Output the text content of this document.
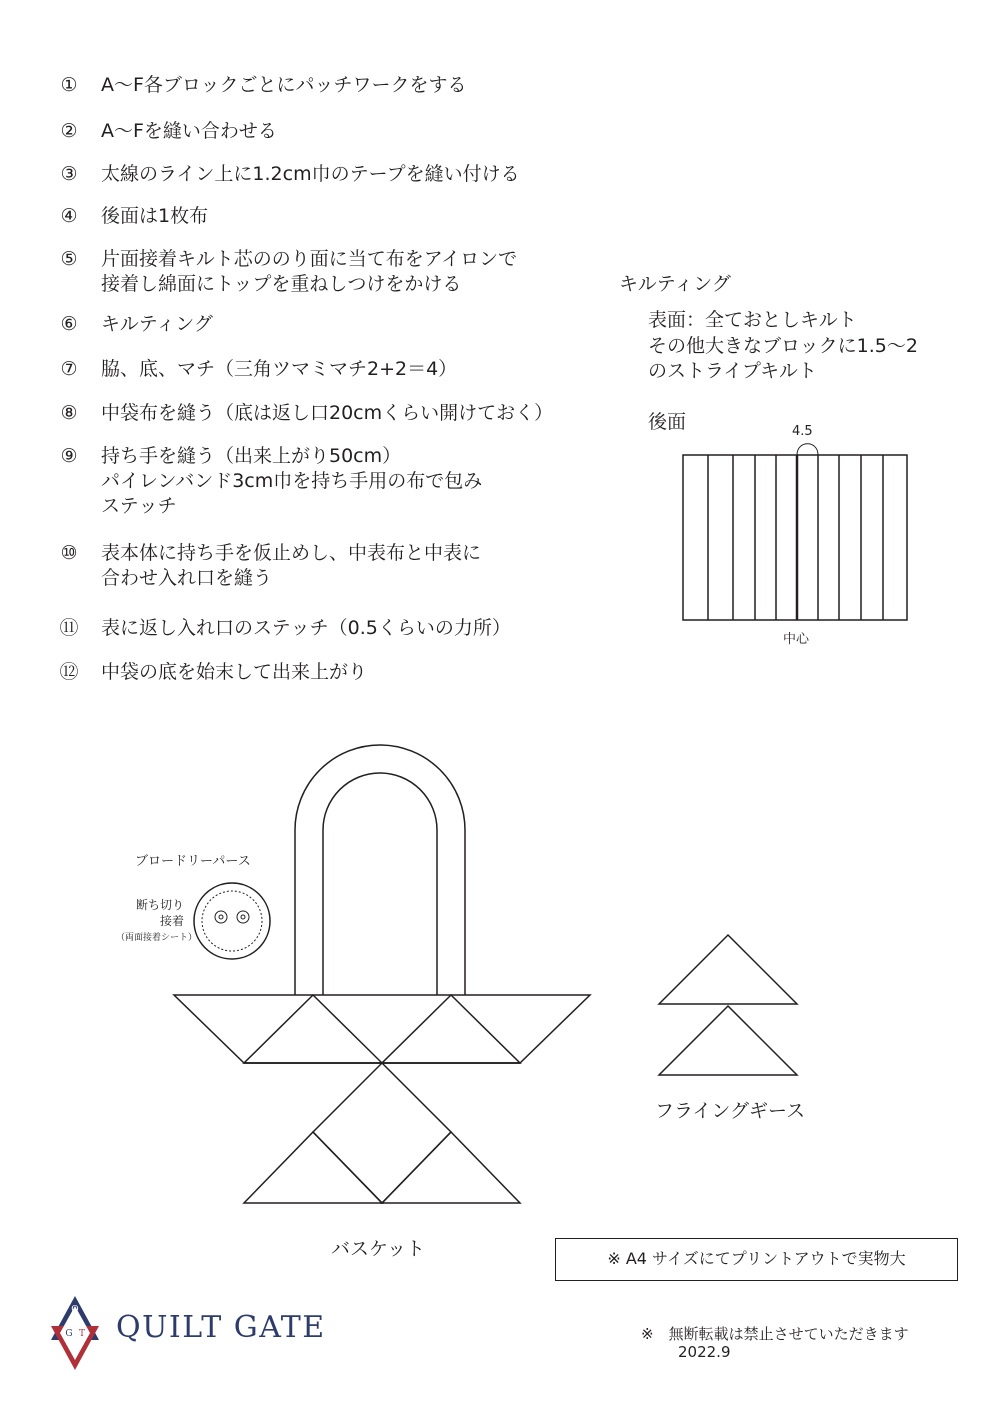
① A～F各ブロックごとにパッチワークをする
② A～Fを縫い合わせる
③ 太線のライン上に1.2cm巾のテープを縫い付ける
④ 後面は1枚布
⑤ 片面接着キルト芯ののり面に当て布をアイロンで
接着し綿面にトップを重ねしつけをかける
⑥ キルティング
⑦ 脇、底、マチ（三角ツマミマチ2+2＝4）
⑧ 中袋布を縫う（底は返し口20cmくらい開けておく）
⑨ 持ち手を縫う（出来上がり50cm）
パイレンバンド3cm巾を持ち手用の布で包み
ステッチ
⑩ 表本体に持ち手を仮止めし、中表布と中表に
合わせ入れ口を縫う
⑪ 表に返し入れ口のステッチ（0.5くらいの力所）
⑫ 中袋の底を始末して出来上がり
キルティング
表面：全ておとしキルト
その他大きなブロックに1.5～2
のストライプキルト
後面	4.5
中心
ブロードリーパース
断ち切り
接着
（両面接着シート）
バスケット
フライングギース
Q
G T
※ A4 サイズにてプリントアウトで実物大
QUILT GATE	※　無断転載は禁止させていただきます
2022.9
